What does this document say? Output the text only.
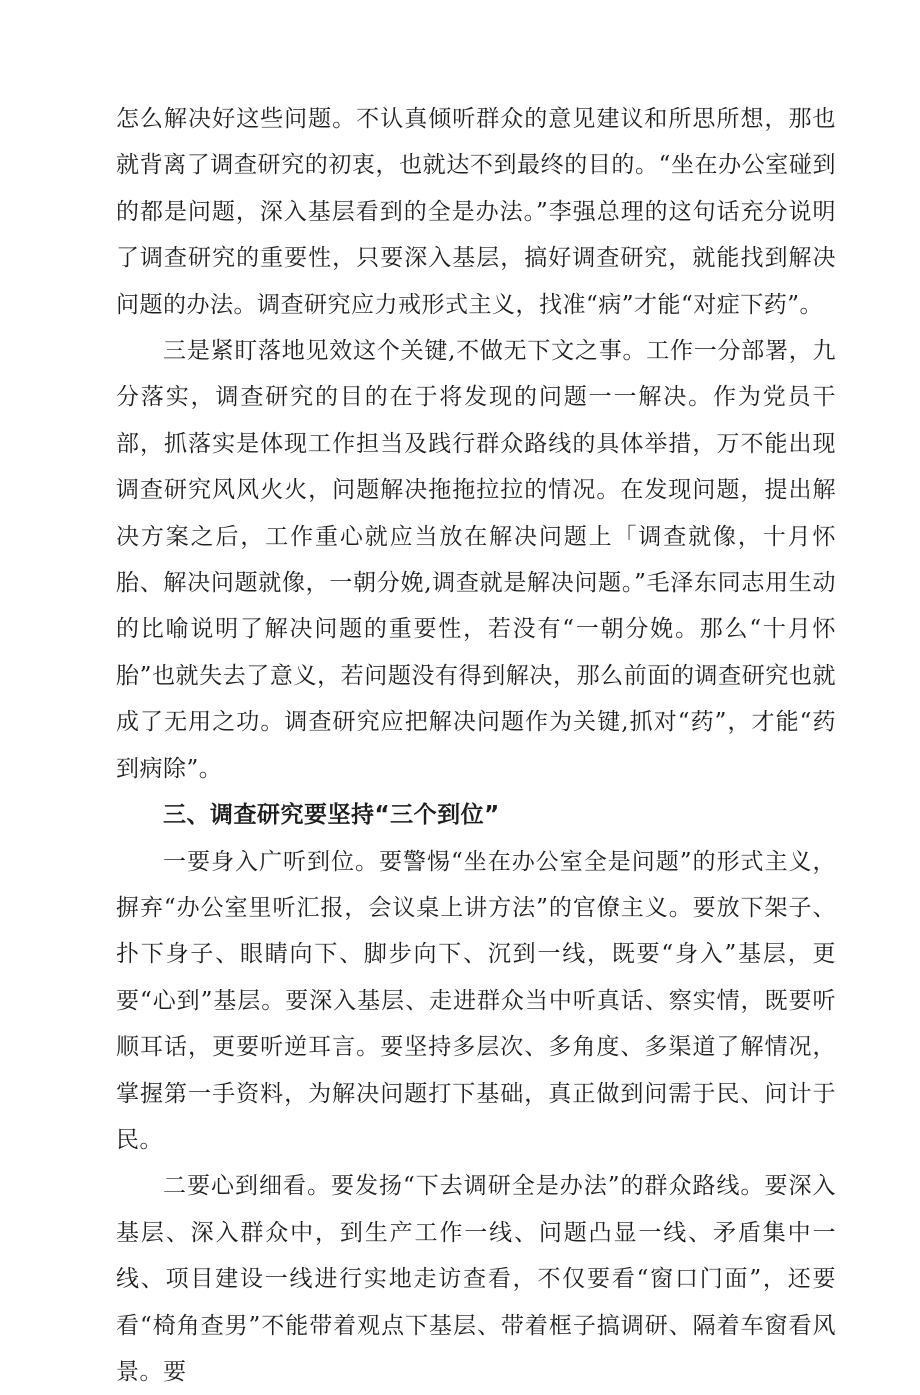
怎么解决好这些问题。不认真倾听群众的意见建议和所思所想，那也就背离了调查研究的初衷，也就达不到最终的目的。“坐在办公室碰到的都是问题，深入基层看到的全是办法。”李强总理的这句话充分说明了调查研究的重要性，只要深入基层，搞好调查研究，就能找到解决问题的办法。调查研究应力戒形式主义，找准“病”才能“对症下药”。

三是紧盯落地见效这个关键,不做无下文之事。工作一分部署，九分落实，调查研究的目的在于将发现的问题一一解决。作为党员干部，抓落实是体现工作担当及践行群众路线的具体举措，万不能出现调查研究风风火火，问题解决拖拖拉拉的情况。在发现问题，提出解决方案之后，工作重心就应当放在解决问题上「调查就像，十月怀胎、解决问题就像，一朝分娩,调查就是解决问题。”毛泽东同志用生动的比喻说明了解决问题的重要性，若没有“一朝分娩。那么“十月怀胎”也就失去了意义，若问题没有得到解决，那么前面的调查研究也就成了无用之功。调查研究应把解决问题作为关键,抓对“药”，才能“药到病除”。

三、调查研究要坚持“三个到位”

一要身入广听到位。要警惕“坐在办公室全是问题”的形式主义，摒弃“办公室里听汇报，会议桌上讲方法”的官僚主义。要放下架子、扑下身子、眼睛向下、脚步向下、沉到一线，既要“身入”基层，更要“心到”基层。要深入基层、走进群众当中听真话、察实情，既要听顺耳话，更要听逆耳言。要坚持多层次、多角度、多渠道了解情况，掌握第一手资料，为解决问题打下基础，真正做到问需于民、问计于民。

二要心到细看。要发扬“下去调研全是办法”的群众路线。要深入基层、深入群众中，到生产工作一线、问题凸显一线、矛盾集中一线、项目建设一线进行实地走访查看，不仅要看“窗口门面”，还要看“椅角查男”不能带着观点下基层、带着框子搞调研、隔着车窗看风景。要
